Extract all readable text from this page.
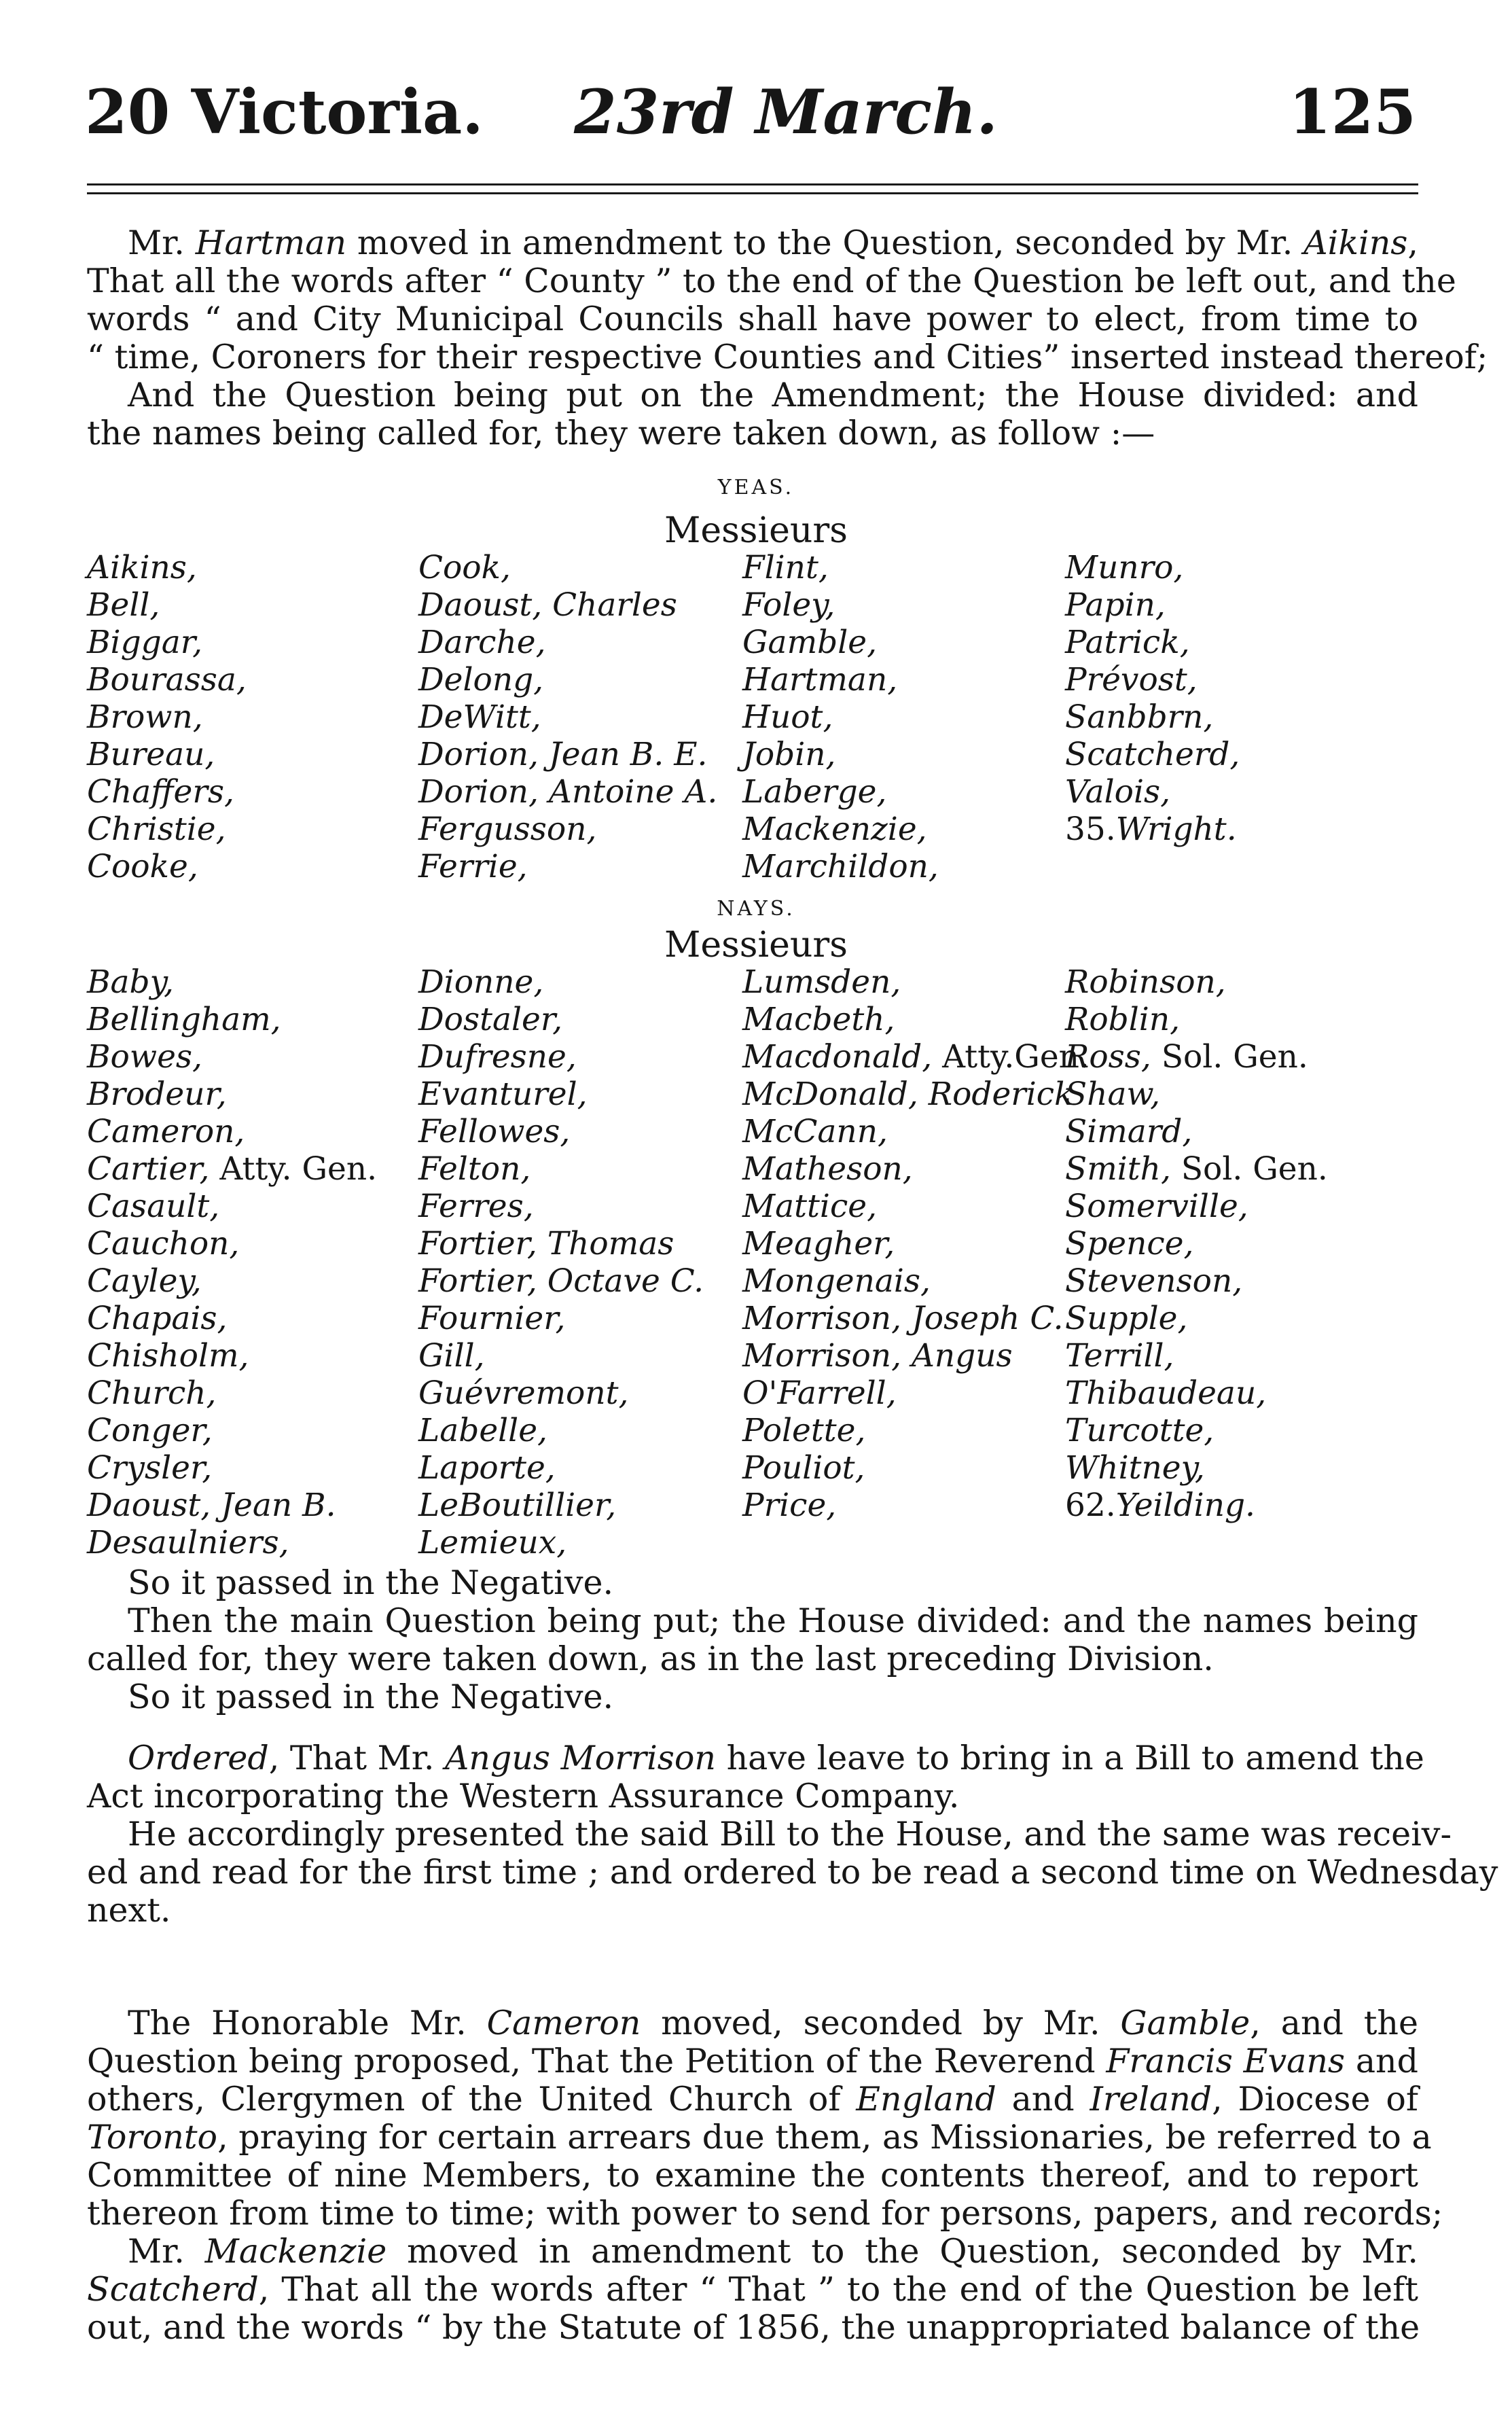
20 Victoria. 23rd March.	125
Mr. Hartman moved in amendment to the Question, seconded by Mr. Aikins,
That all the words after “ County ” to the end of the Question be left out, and the
words “ and City Municipal Councils shall have power to elect, from time to
“ time, Coroners for their respective Counties and Cities” inserted instead thereof;
And the Question being put on the Amendment; the House divided: and
the names being called for, they were taken down, as follow :—
YEAS.
Messieurs
Aikins,
Bell,
Biggar,
Bourassa,
Brown,
Bureau,
Chaffers,
Christie,
Cooke,
Cook,
Daoust, Charles
Darche,
Delong,
DeWitt,
Dorion, Jean B. E.
Dorion, Antoine A.
Fergusson,
Ferrie,
Flint,
Foley,
Gamble,
Hartman,
Huot,
Jobin,
Laberge,
Mackenzie,
Marchildon,
Munro,
Papin,
Patrick,
Prévost,
Sanbbrn,
Scatcherd,
Valois,
35.Wright.
NAYS.
Messieurs
Baby,
Bellingham,
Bowes,
Brodeur,
Cameron,
Cartier, Atty. Gen.
Casault,
Cauchon,
Cayley,
Chapais,
Chisholm,
Church,
Conger,
Crysler,
Daoust, Jean B.
Desaulniers,
Dionne,
Dostaler,
Dufresne,
Evanturel,
Fellowes,
Felton,
Ferres,
Fortier, Thomas
Fortier, Octave C.
Fournier,
Gill,
Guévremont,
Labelle,
Laporte,
LeBoutillier,
Lemieux,
Lumsden,
Macbeth,
Macdonald, Atty.Gen.
McDonald, Roderick
McCann,
Matheson,
Mattice,
Meagher,
Mongenais,
Morrison, Joseph C.
Morrison, Angus
O'Farrell,
Polette,
Pouliot,
Price,
Robinson,
Roblin,
Ross, Sol. Gen.
Shaw,
Simard,
Smith, Sol. Gen.
Somerville,
Spence,
Stevenson,
Supple,
Terrill,
Thibaudeau,
Turcotte,
Whitney,
62.Yeilding.
So it passed in the Negative.
Then the main Question being put; the House divided: and the names being
called for, they were taken down, as in the last preceding Division.
So it passed in the Negative.
Ordered, That Mr. Angus Morrison have leave to bring in a Bill to amend the
Act incorporating the Western Assurance Company.
He accordingly presented the said Bill to the House, and the same was receiv-
ed and read for the first time ; and ordered to be read a second time on Wednesday
next.
The Honorable Mr. Cameron moved, seconded by Mr. Gamble, and the
Question being proposed, That the Petition of the Reverend Francis Evans and
others, Clergymen of the United Church of England and Ireland, Diocese of
Toronto, praying for certain arrears due them, as Missionaries, be referred to a
Committee of nine Members, to examine the contents thereof, and to report
thereon from time to time; with power to send for persons, papers, and records;
Mr. Mackenzie moved in amendment to the Question, seconded by Mr.
Scatcherd, That all the words after “ That ” to the end of the Question be left
out, and the words “ by the Statute of 1856, the unappropriated balance of the
